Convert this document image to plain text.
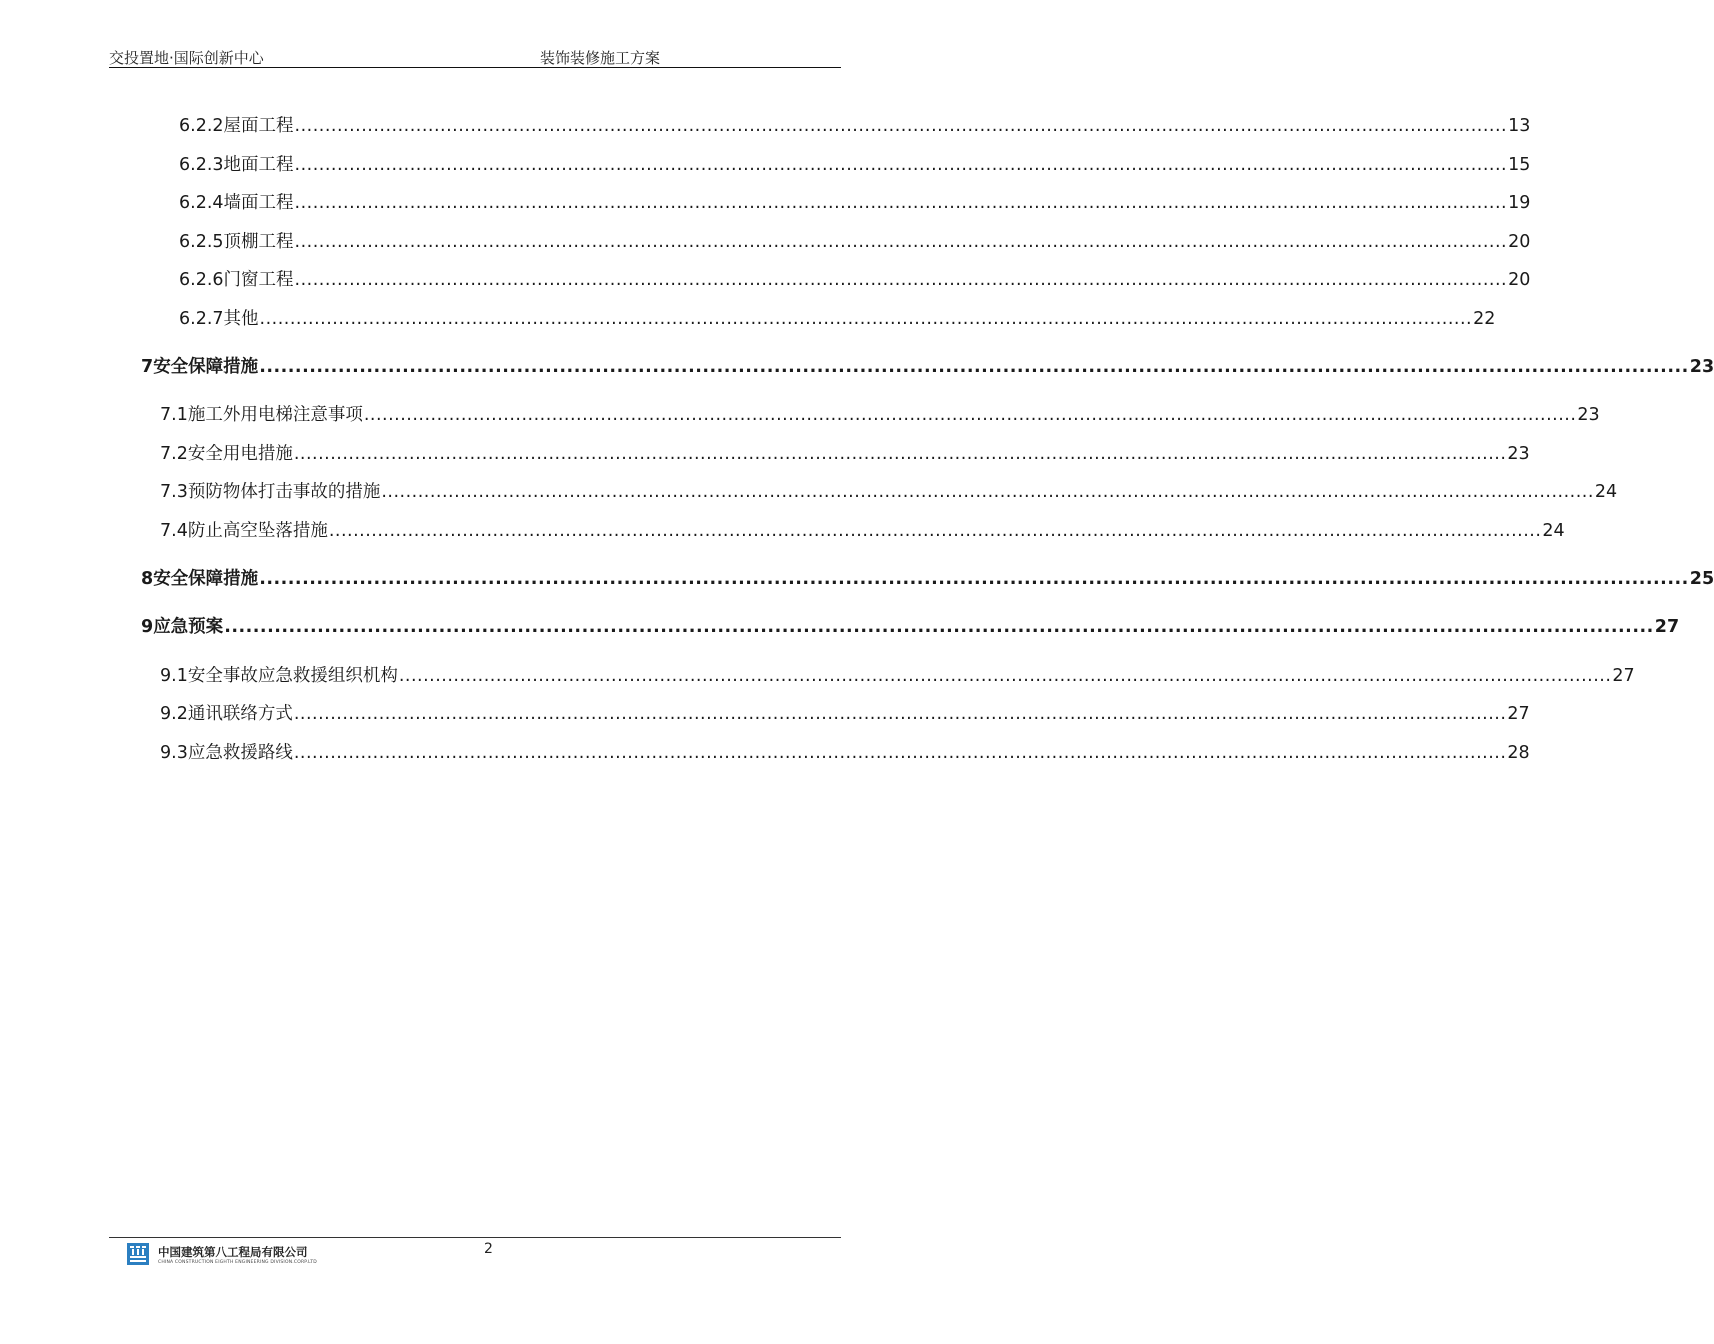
交投置地·国际创新中心	装饰装修施工方案
6.2.2 屋面工程 ........................................................................................................................................................................................................ 13
6.2.3 地面工程 ........................................................................................................................................................................................................ 15
6.2.4 墙面工程 ........................................................................................................................................................................................................ 19
6.2.5 顶棚工程 ........................................................................................................................................................................................................ 20
6.2.6 门窗工程 ........................................................................................................................................................................................................ 20
6.2.7 其他 ........................................................................................................................................................................................................ 22
7 安全保障措施 ........................................................................................................................................................................................................ 23
7.1 施工外用电梯注意事项 ........................................................................................................................................................................................................ 23
7.2 安全用电措施 ........................................................................................................................................................................................................ 23
7.3 预防物体打击事故的措施 ........................................................................................................................................................................................................ 24
7.4 防止高空坠落措施 ........................................................................................................................................................................................................ 24
8 安全保障措施 ........................................................................................................................................................................................................ 25
9 应急预案 ........................................................................................................................................................................................................ 27
9.1 安全事故应急救援组织机构 ........................................................................................................................................................................................................ 27
9.2 通讯联络方式 ........................................................................................................................................................................................................ 27
9.3 应急救援路线 ........................................................................................................................................................................................................ 28
中国建筑第八工程局有限公司
CHINA CONSTRUCTION EIGHTH ENGINEERING DIVISION.CORP.LTD
2
